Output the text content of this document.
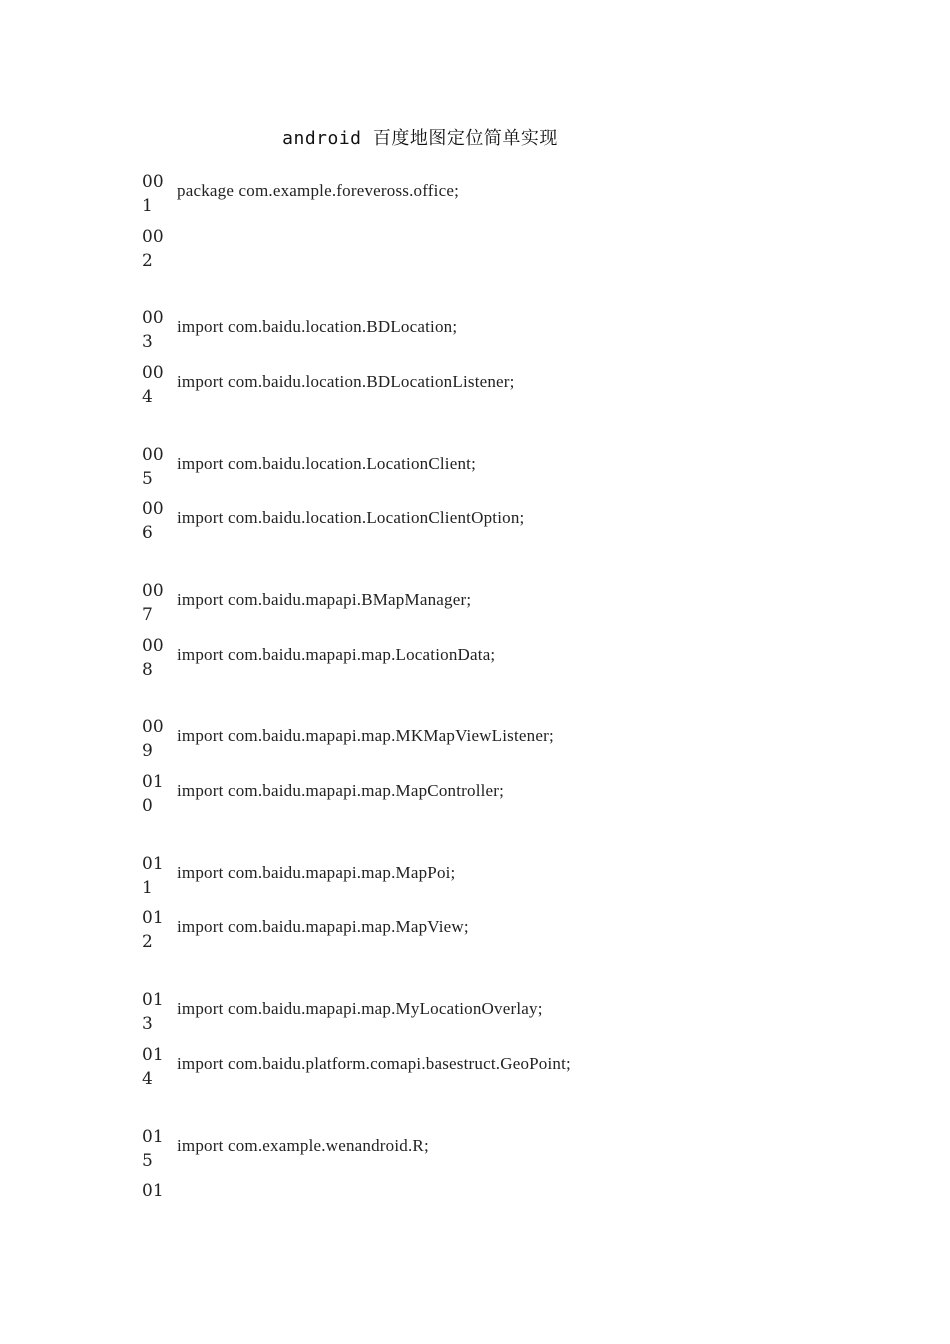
android 百度地图定位简单实现
001
package com.example.foreveross.office;
002
003
import com.baidu.location.BDLocation;
004
import com.baidu.location.BDLocationListener;
005
import com.baidu.location.LocationClient;
006
import com.baidu.location.LocationClientOption;
007
import com.baidu.mapapi.BMapManager;
008
import com.baidu.mapapi.map.LocationData;
009
import com.baidu.mapapi.map.MKMapViewListener;
010
import com.baidu.mapapi.map.MapController;
011
import com.baidu.mapapi.map.MapPoi;
012
import com.baidu.mapapi.map.MapView;
013
import com.baidu.mapapi.map.MyLocationOverlay;
014
import com.baidu.platform.comapi.basestruct.GeoPoint;
015
import com.example.wenandroid.R;
01
